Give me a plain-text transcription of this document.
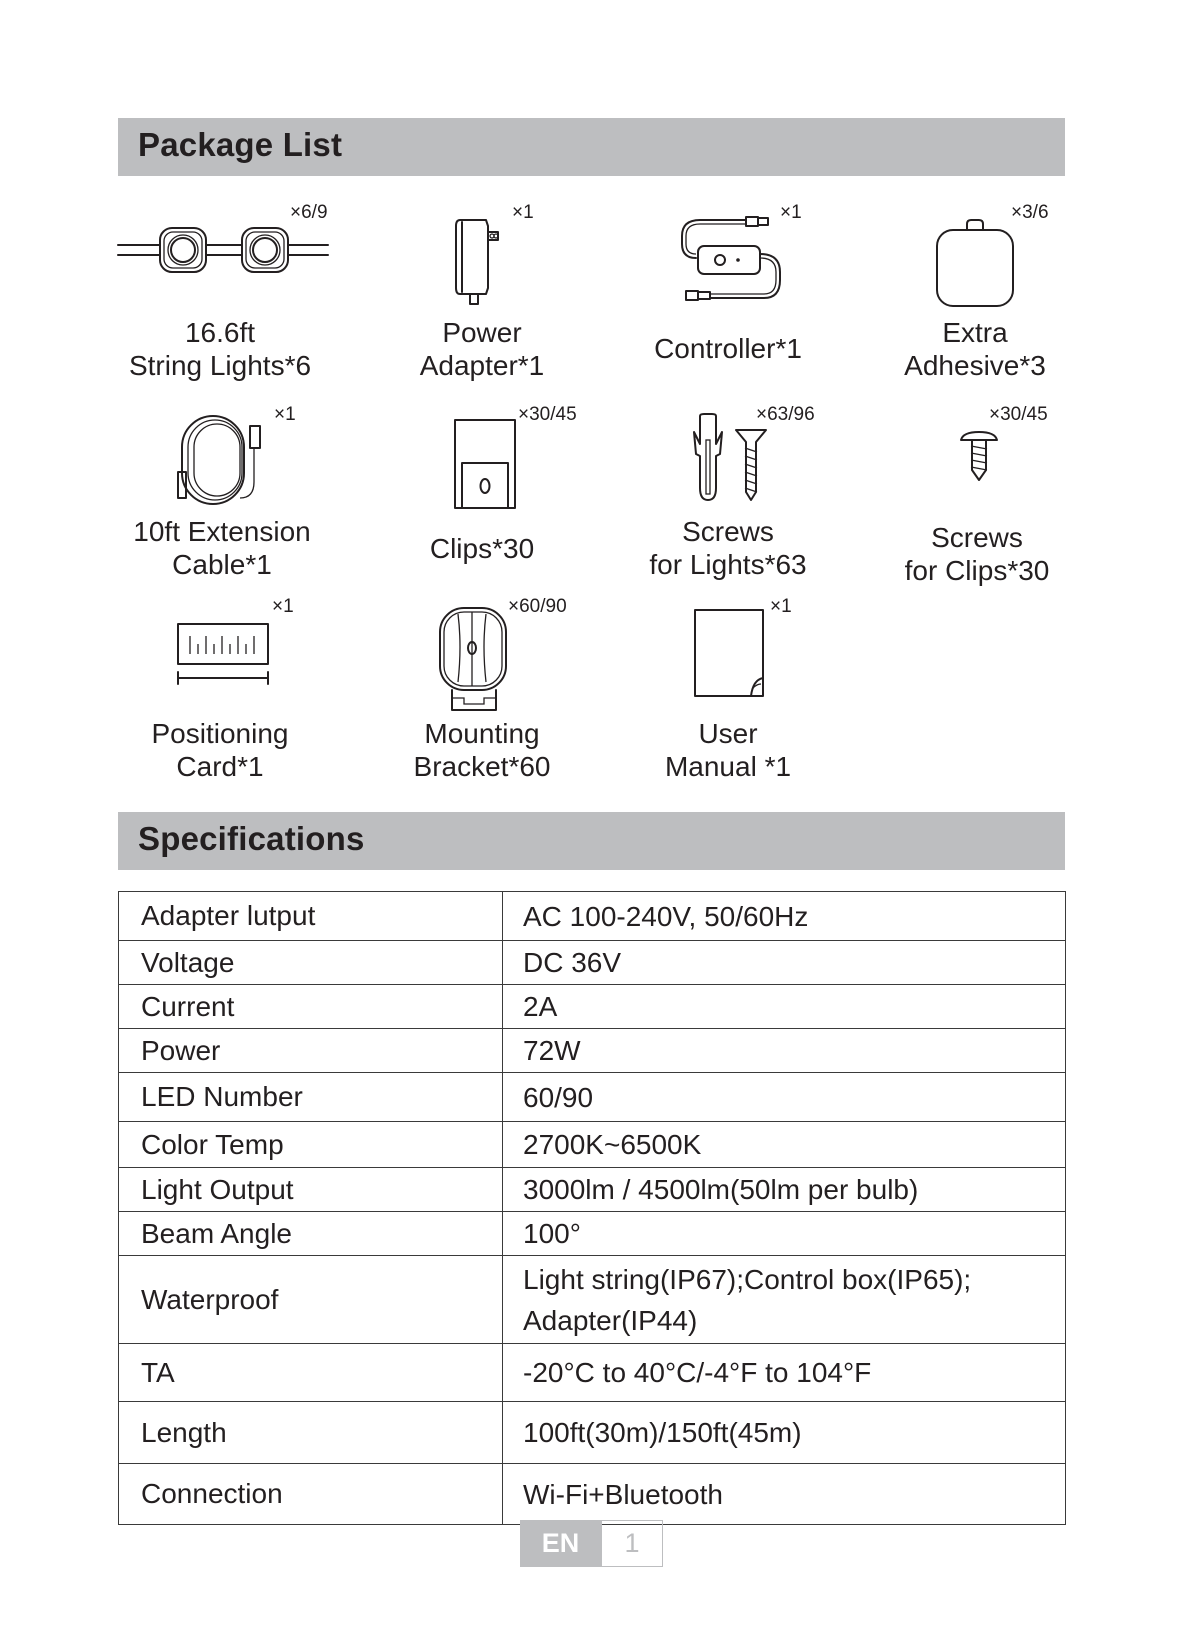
Package List
×6/9
16.6ft
String Lights*6
×1
Power
Adapter*1
×1
Controller*1
×3/6
Extra
Adhesive*3
×1
10ft Extension
Cable*1
×30/45
Clips*30
×63/96
Screws
for Lights*63
×30/45
Screws
for Clips*30
×1
Positioning
Card*1
×60/90
Mounting
Bracket*60
×1
User
Manual *1
Specifications
Adapter lutput	AC 100-240V, 50/60Hz
Voltage	DC 36V
Current	2A
Power	72W
LED Number	60/90
Color Temp	2700K~6500K
Light Output	3000lm / 4500lm(50lm per bulb)
Beam Angle	100°
Waterproof	Light string(IP67);Control box(IP65);
Adapter(IP44)

TA	-20°C to 40°C/-4°F to 104°F
Length	100ft(30m)/150ft(45m)
Connection	Wi-Fi+Bluetooth
EN	1
